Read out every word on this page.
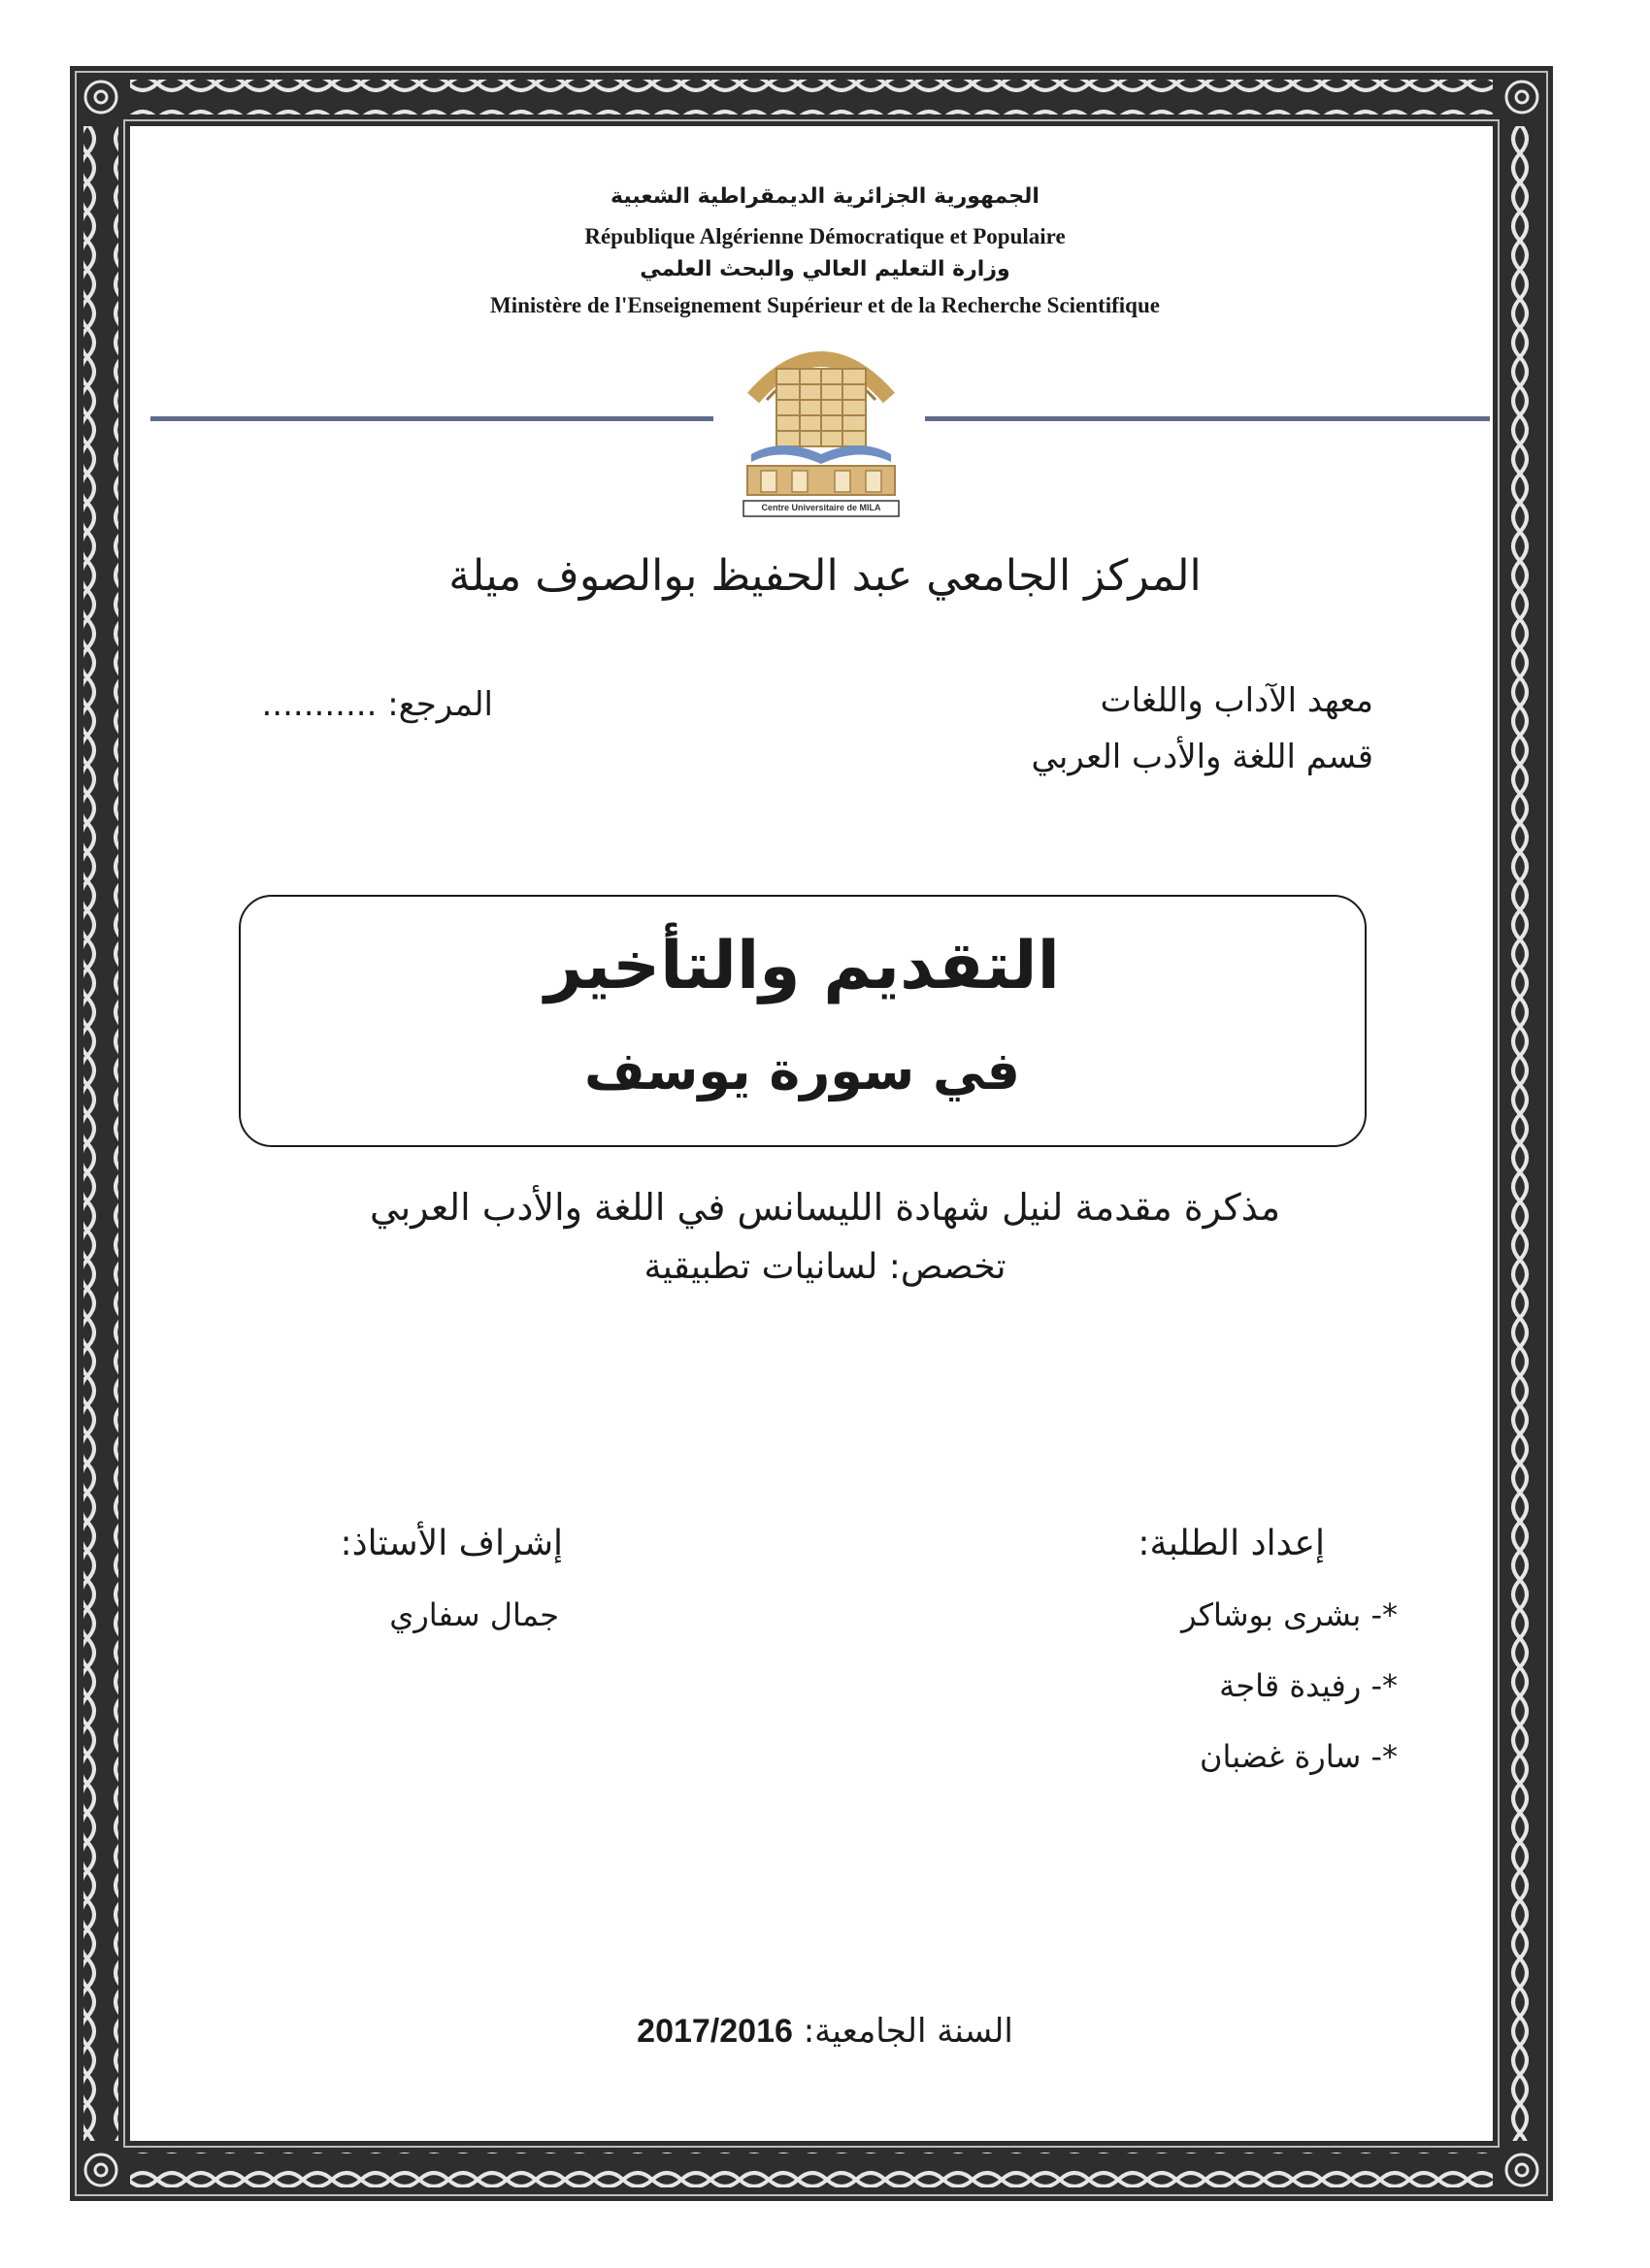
الجمهورية الجزائرية الديمقراطية الشعبية
République Algérienne Démocratique et Populaire
وزارة التعليم العالي والبحث العلمي
Ministère de l'Enseignement Supérieur et de la Recherche Scientifique
Centre Universitaire de MILA
المركز الجامعي عبد الحفيظ بوالصوف ميلة
معهد الآداب واللغات
قسم اللغة والأدب العربي
المرجع: ...........
التقديم والتأخير
في سورة يوسف
مذكرة مقدمة لنيل شهادة الليسانس في اللغة والأدب العربي
تخصص: لسانيات تطبيقية
إعداد الطلبة:
*- بشرى بوشاكر
*- رفيدة قاجة
*- سارة غضبان
إشراف الأستاذ:
جمال سفاري
السنة الجامعية: 2017/2016
